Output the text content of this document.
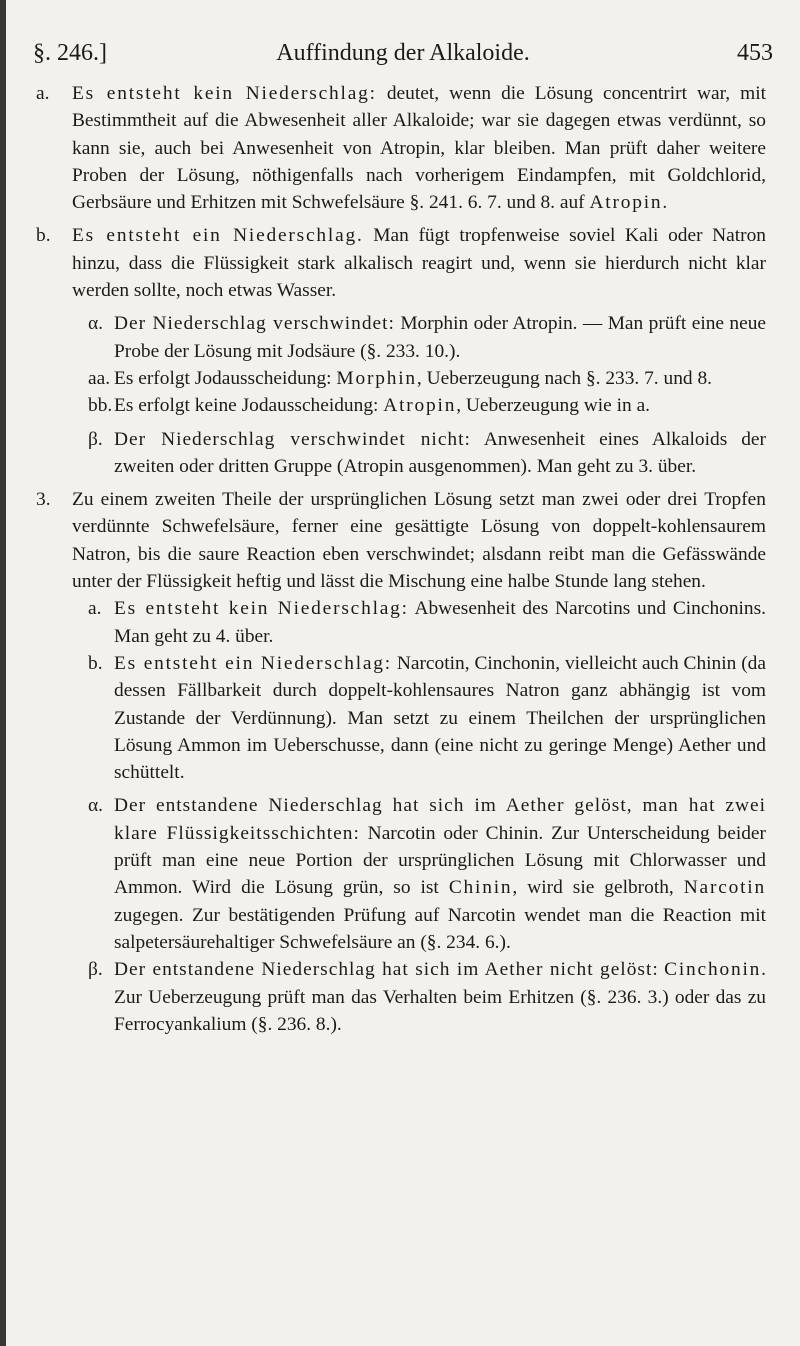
§. 246.]	Auffindung der Alkaloide.	453

a. Es entsteht kein Niederschlag: deutet, wenn die Lösung concentrirt war, mit Bestimmtheit auf die Abwesenheit aller Alkaloide; war sie dagegen etwas verdünnt, so kann sie, auch bei Anwesenheit von Atropin, klar bleiben. Man prüft daher weitere Proben der Lösung, nöthigenfalls nach vorherigem Eindampfen, mit Goldchlorid, Gerbsäure und Erhitzen mit Schwefelsäure §. 241. 6. 7. und 8. auf Atropin.

b. Es entsteht ein Niederschlag. Man fügt tropfenweise soviel Kali oder Natron hinzu, dass die Flüssigkeit stark alkalisch reagirt und, wenn sie hierdurch nicht klar werden sollte, noch etwas Wasser.

α. Der Niederschlag verschwindet: Morphin oder Atropin. — Man prüft eine neue Probe der Lösung mit Jodsäure (§. 233. 10.).

aa. Es erfolgt Jodausscheidung: Morphin, Ueberzeugung nach §. 233. 7. und 8.

bb. Es erfolgt keine Jodausscheidung: Atropin, Ueberzeugung wie in a.

β. Der Niederschlag verschwindet nicht: Anwesenheit eines Alkaloids der zweiten oder dritten Gruppe (Atropin ausgenommen). Man geht zu 3. über.

3. Zu einem zweiten Theile der ursprünglichen Lösung setzt man zwei oder drei Tropfen verdünnte Schwefelsäure, ferner eine gesättigte Lösung von doppelt-kohlensaurem Natron, bis die saure Reaction eben verschwindet; alsdann reibt man die Gefässwände unter der Flüssigkeit heftig und lässt die Mischung eine halbe Stunde lang stehen.

a. Es entsteht kein Niederschlag: Abwesenheit des Narcotins und Cinchonins. Man geht zu 4. über.

b. Es entsteht ein Niederschlag: Narcotin, Cinchonin, vielleicht auch Chinin (da dessen Fällbarkeit durch doppelt-kohlensaures Natron ganz abhängig ist vom Zustande der Verdünnung). Man setzt zu einem Theilchen der ursprünglichen Lösung Ammon im Ueberschusse, dann (eine nicht zu geringe Menge) Aether und schüttelt.

α. Der entstandene Niederschlag hat sich im Aether gelöst, man hat zwei klare Flüssigkeitsschichten: Narcotin oder Chinin. Zur Unterscheidung beider prüft man eine neue Portion der ursprünglichen Lösung mit Chlorwasser und Ammon. Wird die Lösung grün, so ist Chinin, wird sie gelbroth, Narcotin zugegen. Zur bestätigenden Prüfung auf Narcotin wendet man die Reaction mit salpetersäurehaltiger Schwefelsäure an (§. 234. 6.).

β. Der entstandene Niederschlag hat sich im Aether nicht gelöst: Cinchonin. Zur Ueberzeugung prüft man das Verhalten beim Erhitzen (§. 236. 3.) oder das zu Ferrocyankalium (§. 236. 8.).
